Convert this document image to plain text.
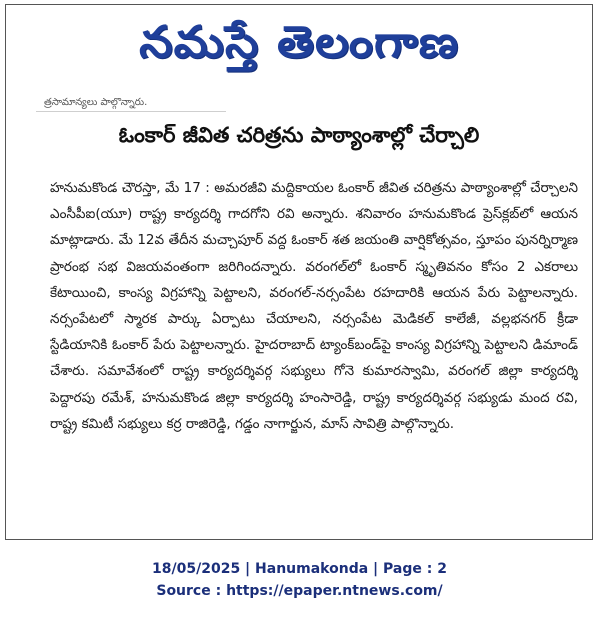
నమస్తే తెలంగాణ
త్రసామాన్యలు పాల్గొన్నారు.
ఓంకార్‌ జీవిత చరిత్రను పాఠ్యాంశాల్లో చేర్చాలి
హనుమకొండ చౌరస్తా, మే 17 : అమరజీవి మద్దికాయల ఓంకార్‌ జీవిత చరిత్రను పాఠ్యాంశాల్లో చేర్చాలని ఎంసీపీఐ(యూ) రాష్ట్ర కార్యదర్శి గాదగోని రవి అన్నారు. శనివారం హనుమకొండ ప్రెస్‌క్లబ్‌లో ఆయన మాట్లాడారు. మే 12వ తేదీన మచ్చాపూర్‌ వద్ద ఓంకార్‌ శత జయంతి వార్షికోత్సవం, స్తూపం పునర్నిర్మాణ ప్రారంభ సభ విజయవంతంగా జరిగిందన్నారు. వరంగల్‌లో ఓంకార్‌ స్మృతివనం కోసం 2 ఎకరాలు కేటాయించి, కాంస్య విగ్రహాన్ని పెట్టాలని, వరంగల్‌-నర్సంపేట రహదారికి ఆయన పేరు పెట్టాలన్నారు. నర్సంపేటలో స్మారక పార్కు ఏర్పాటు చేయాలని, నర్సంపేట మెడికల్‌ కాలేజీ, వల్లభనగర్‌ క్రీడా స్టేడియానికి ఓంకార్‌ పేరు పెట్టాలన్నారు. హైదరాబాద్‌ ట్యాంక్‌బండ్‌పై కాంస్య విగ్రహాన్ని పెట్టాలని డిమాండ్‌ చేశారు. సమావేశంలో రాష్ట్ర కార్యదర్శివర్గ సభ్యులు గోనె కుమారస్వామి, వరంగల్‌ జిల్లా కార్యదర్శి పెద్దారపు రమేశ్‌, హనుమకొండ జిల్లా కార్యదర్శి హంసారెడ్డి, రాష్ట్ర కార్యదర్శివర్గ సభ్యుడు మంద రవి, రాష్ట్ర కమిటీ సభ్యులు కర్ర రాజిరెడ్డి, గడ్డం నాగార్జున, మాస్‌ సావిత్రి పాల్గొన్నారు.
18/05/2025 | Hanumakonda | Page : 2
Source : https://epaper.ntnews.com/
